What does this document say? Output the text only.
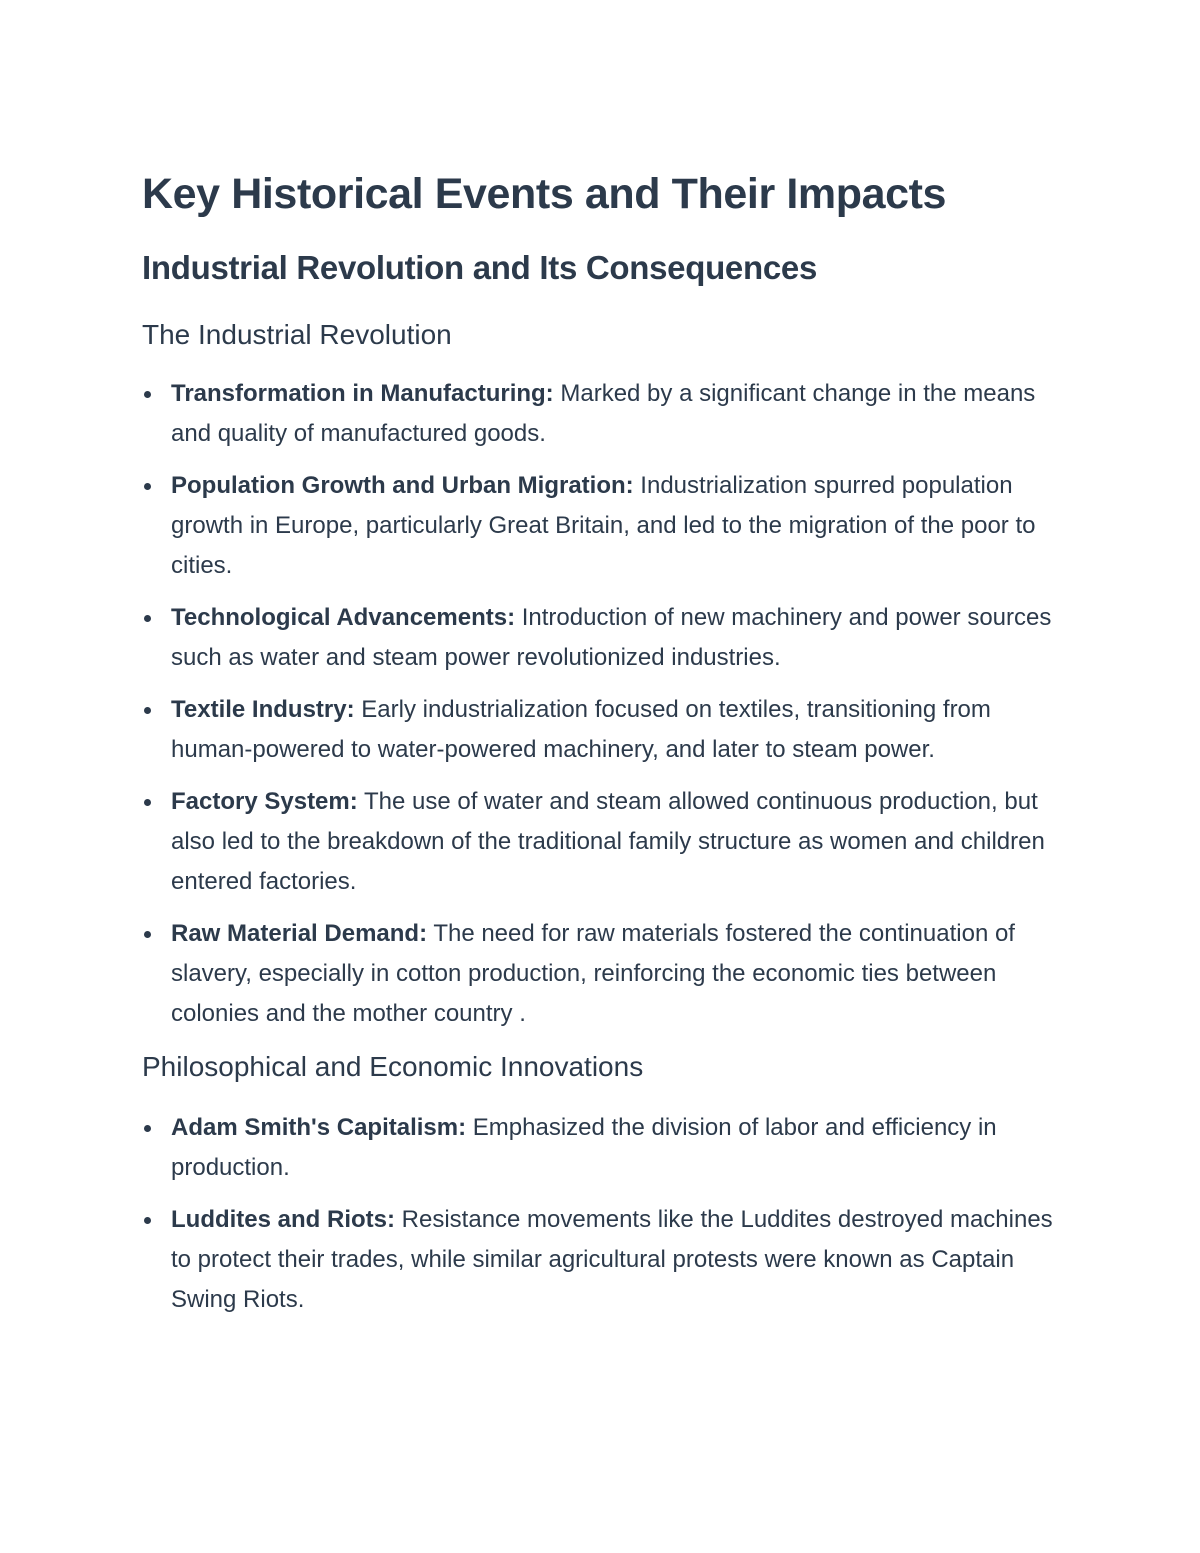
Key Historical Events and Their Impacts
Industrial Revolution and Its Consequences
The Industrial Revolution
Transformation in Manufacturing: Marked by a significant change in the means and quality of manufactured goods.
Population Growth and Urban Migration: Industrialization spurred population growth in Europe, particularly Great Britain, and led to the migration of the poor to cities.
Technological Advancements: Introduction of new machinery and power sources such as water and steam power revolutionized industries.
Textile Industry: Early industrialization focused on textiles, transitioning from human-powered to water-powered machinery, and later to steam power.
Factory System: The use of water and steam allowed continuous production, but also led to the breakdown of the traditional family structure as women and children entered factories.
Raw Material Demand: The need for raw materials fostered the continuation of slavery, especially in cotton production, reinforcing the economic ties between colonies and the mother country .
Philosophical and Economic Innovations
Adam Smith's Capitalism: Emphasized the division of labor and efficiency in production.
Luddites and Riots: Resistance movements like the Luddites destroyed machines to protect their trades, while similar agricultural protests were known as Captain Swing Riots.
